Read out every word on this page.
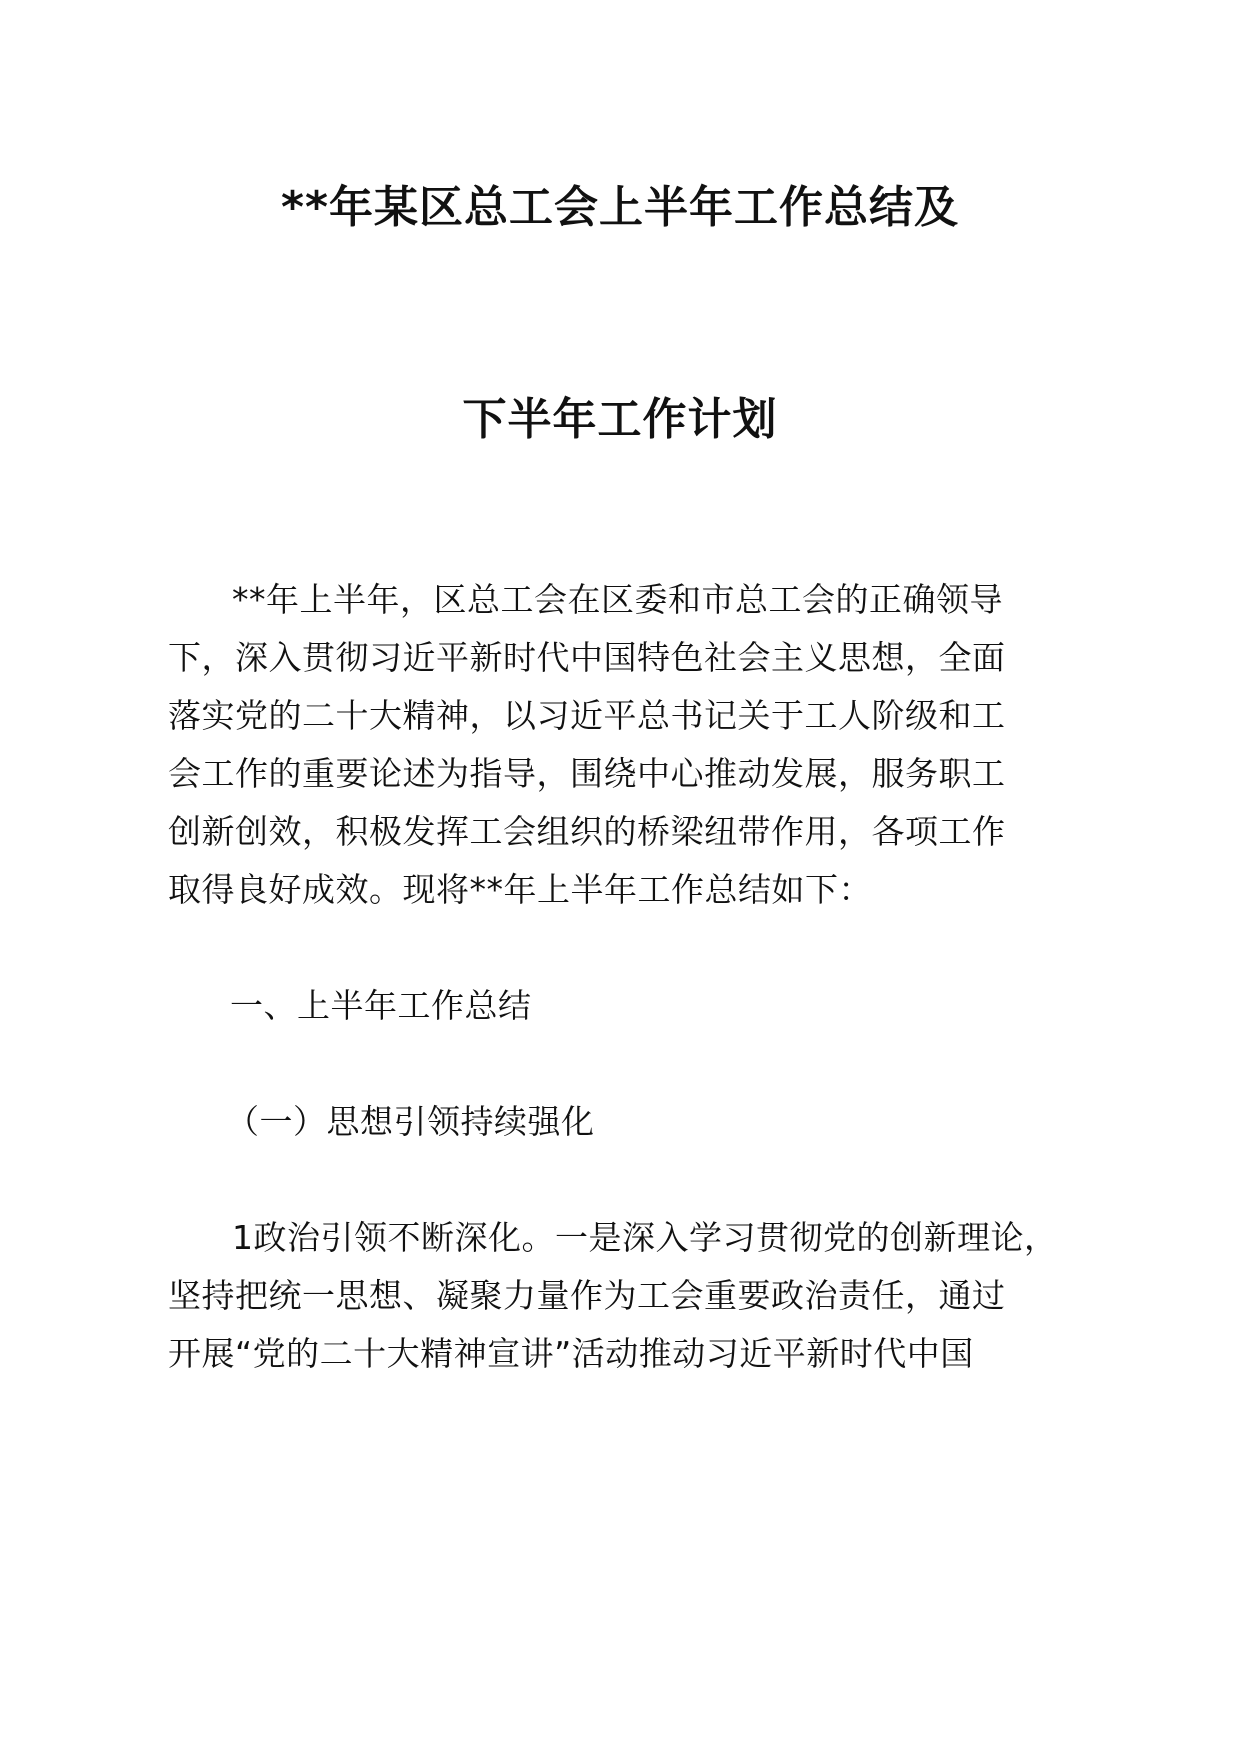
**年某区总工会上半年工作总结及
下半年工作计划
**年上半年，区总工会在区委和市总工会的正确领导
下，深入贯彻习近平新时代中国特色社会主义思想，全面
落实党的二十大精神，以习近平总书记关于工人阶级和工
会工作的重要论述为指导，围绕中心推动发展，服务职工
创新创效，积极发挥工会组织的桥梁纽带作用，各项工作
取得良好成效。现将**年上半年工作总结如下：
一、上半年工作总结
（一）思想引领持续强化
1政治引领不断深化。一是深入学习贯彻党的创新理论，
坚持把统一思想、凝聚力量作为工会重要政治责任，通过
开展“党的二十大精神宣讲”活动推动习近平新时代中国
